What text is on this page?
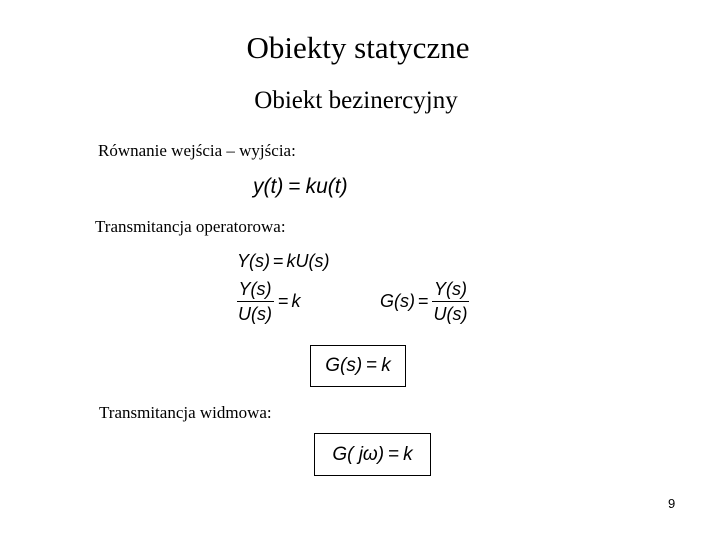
Obiekty statyczne
Obiekt bezinercyjny
Równanie wejścia – wyjścia:
y(t) = ku(t)
Transmitancja operatorowa:
Y(s) = kU(s)
$\frac{Y(s)}{U(s)} = k$	$G(s) = \frac{Y(s)}{U(s)}$
G(s) = k
Transmitancja widmowa:
G( jω) = k
9
